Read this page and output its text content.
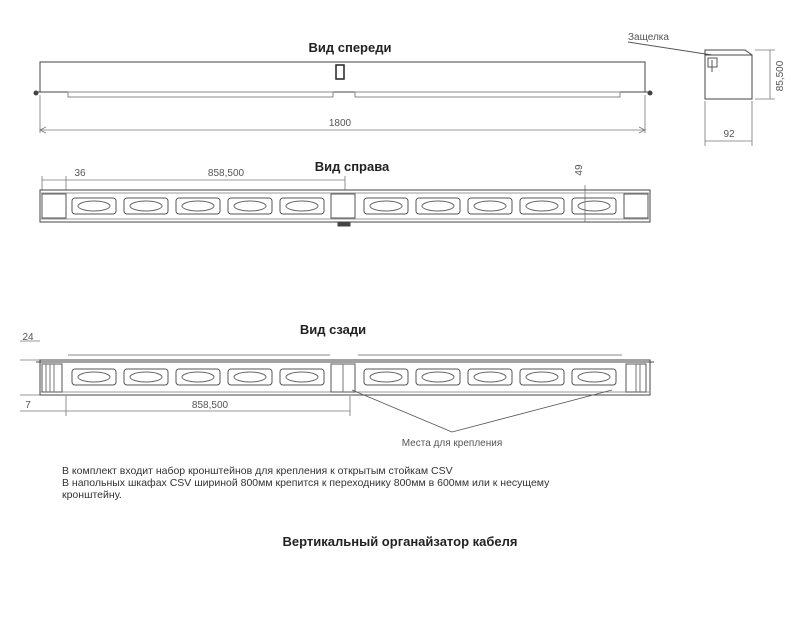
Вид спереди
1800
Защелка
85,500
92
Вид справа
36	858,500	49
Вид сзади
24
7	858,500
Места для крепления
В комплект входит набор кронштейнов для крепления к открытым стойкам CSV
В напольных шкафах CSV шириной 800мм крепится к переходнику 800мм в 600мм или к несущему
кронштейну.
Вертикальный органайзатор кабеля
